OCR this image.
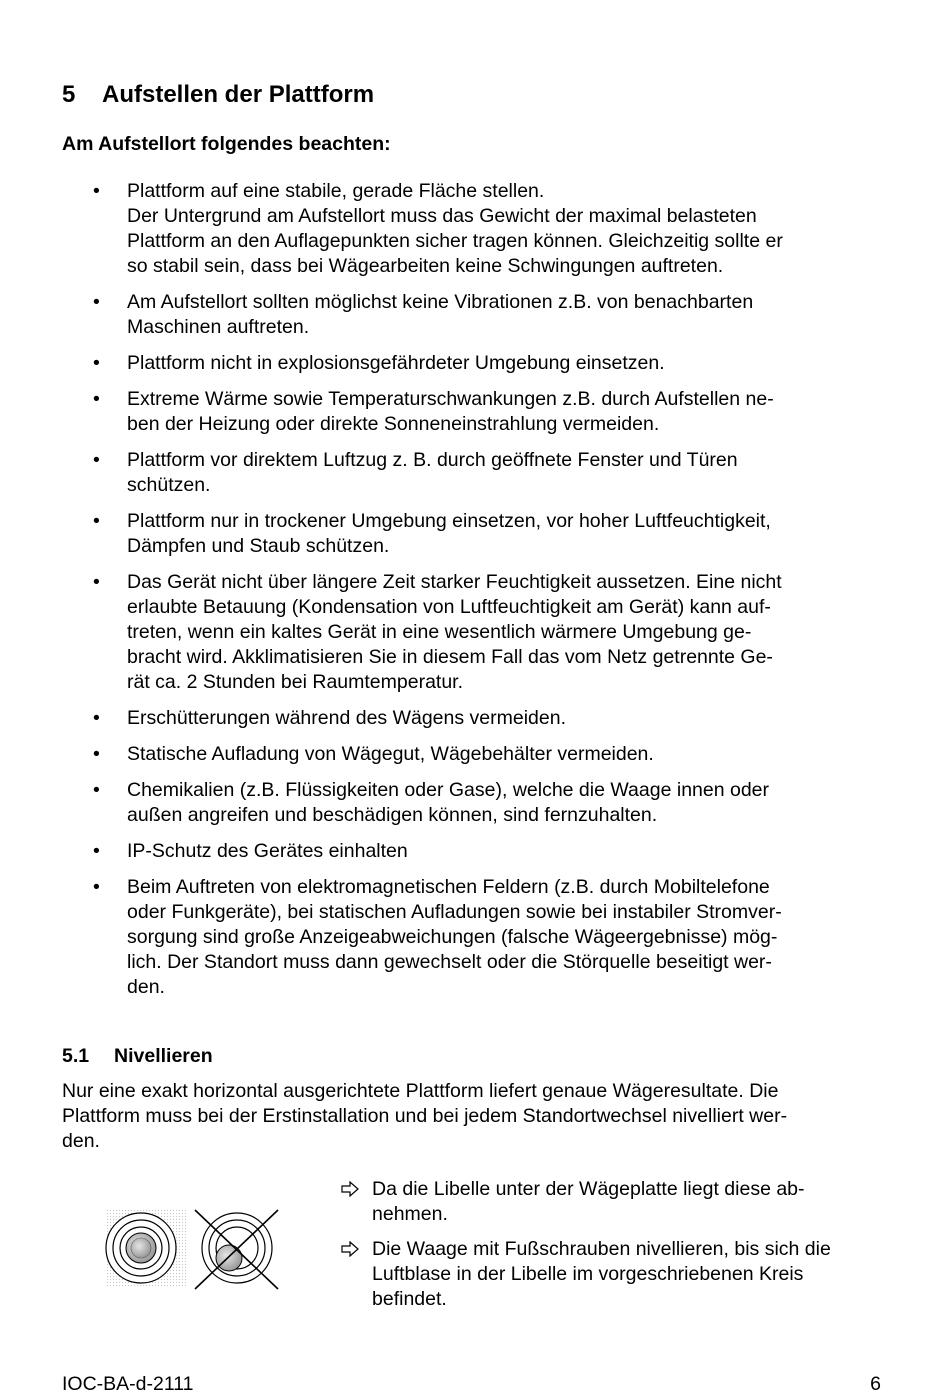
5 Aufstellen der Plattform

Am Aufstellort folgendes beachten:

• Plattform auf eine stabile, gerade Fläche stellen.
Der Untergrund am Aufstellort muss das Gewicht der maximal belasteten
Plattform an den Auflagepunkten sicher tragen können. Gleichzeitig sollte er
so stabil sein, dass bei Wägearbeiten keine Schwingungen auftreten.
• Am Aufstellort sollten möglichst keine Vibrationen z.B. von benachbarten
Maschinen auftreten.
• Plattform nicht in explosionsgefährdeter Umgebung einsetzen.
• Extreme Wärme sowie Temperaturschwankungen z.B. durch Aufstellen ne-
ben der Heizung oder direkte Sonneneinstrahlung vermeiden.
• Plattform vor direktem Luftzug z. B. durch geöffnete Fenster und Türen
schützen.
• Plattform nur in trockener Umgebung einsetzen, vor hoher Luftfeuchtigkeit,
Dämpfen und Staub schützen.
• Das Gerät nicht über längere Zeit starker Feuchtigkeit aussetzen. Eine nicht
erlaubte Betauung (Kondensation von Luftfeuchtigkeit am Gerät) kann auf-
treten, wenn ein kaltes Gerät in eine wesentlich wärmere Umgebung ge-
bracht wird. Akklimatisieren Sie in diesem Fall das vom Netz getrennte Ge-
rät ca. 2 Stunden bei Raumtemperatur.
• Erschütterungen während des Wägens vermeiden.
• Statische Aufladung von Wägegut, Wägebehälter vermeiden.
• Chemikalien (z.B. Flüssigkeiten oder Gase), welche die Waage innen oder
außen angreifen und beschädigen können, sind fernzuhalten.
• IP-Schutz des Gerätes einhalten
• Beim Auftreten von elektromagnetischen Feldern (z.B. durch Mobiltelefone
oder Funkgeräte), bei statischen Aufladungen sowie bei instabiler Stromver-
sorgung sind große Anzeigeabweichungen (falsche Wägeergebnisse) mög-
lich. Der Standort muss dann gewechselt oder die Störquelle beseitigt wer-
den.
5.1 Nivellieren

Nur eine exakt horizontal ausgerichtete Plattform liefert genaue Wägeresultate. Die
Plattform muss bei der Erstinstallation und bei jedem Standortwechsel nivelliert wer-
den.

Da die Libelle unter der Wägeplatte liegt diese ab-
nehmen.
Die Waage mit Fußschrauben nivellieren, bis sich die
Luftblase in der Libelle im vorgeschriebenen Kreis
befindet.

IOC-BA-d-2111	6
